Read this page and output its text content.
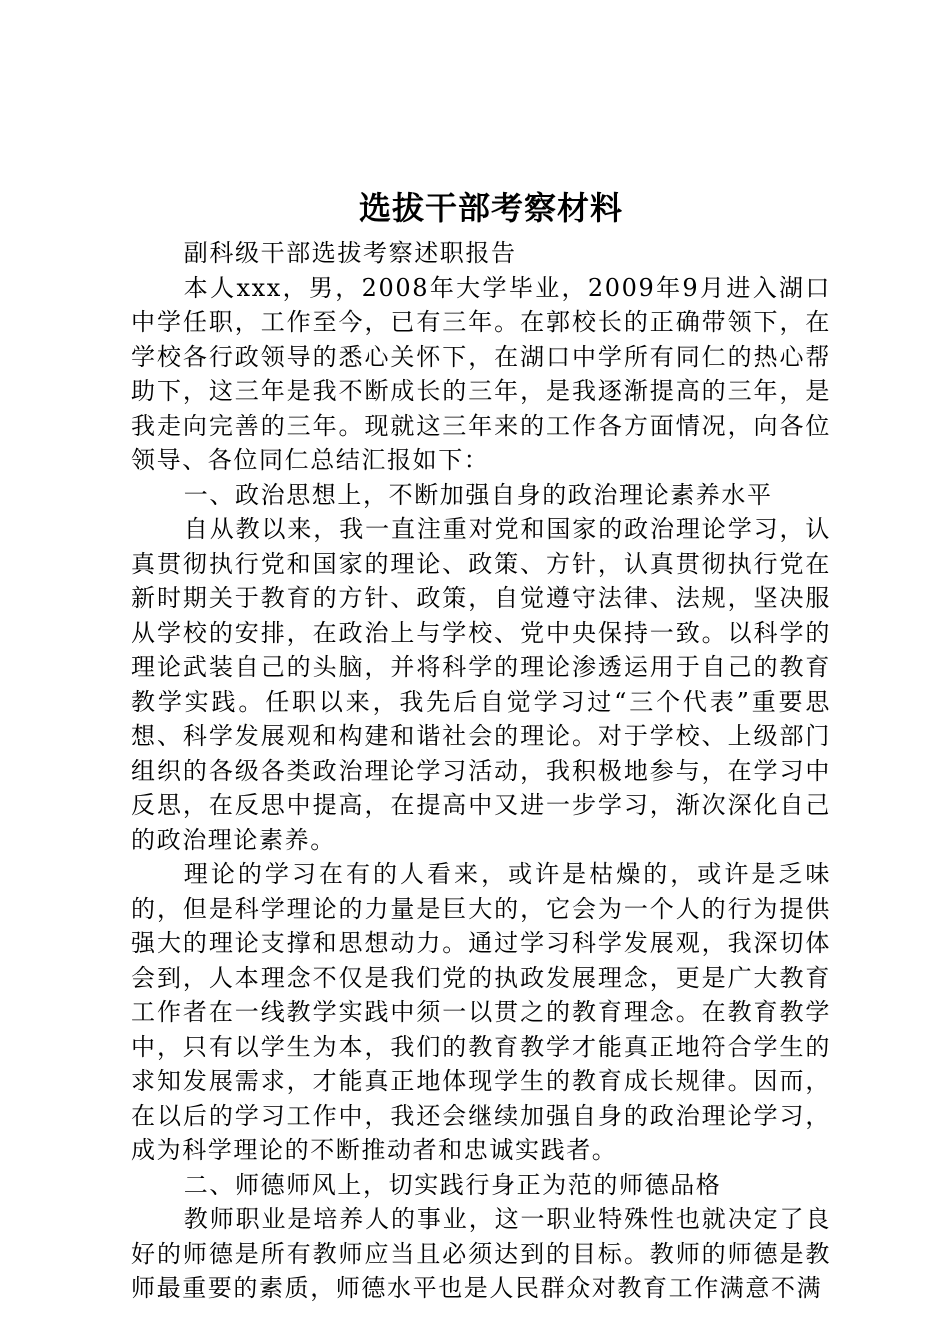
选拔干部考察材料

副科级干部选拔考察述职报告

本人xxx，男，2008年大学毕业，2009年9月进入湖口中学任职，工作至今，已有三年。在郭校长的正确带领下，在学校各行政领导的悉心关怀下，在湖口中学所有同仁的热心帮助下，这三年是我不断成长的三年，是我逐渐提高的三年，是我走向完善的三年。现就这三年来的工作各方面情况，向各位领导、各位同仁总结汇报如下：

一、政治思想上，不断加强自身的政治理论素养水平

自从教以来，我一直注重对党和国家的政治理论学习，认真贯彻执行党和国家的理论、政策、方针，认真贯彻执行党在新时期关于教育的方针、政策，自觉遵守法律、法规，坚决服从学校的安排，在政治上与学校、党中央保持一致。以科学的理论武装自己的头脑，并将科学的理论渗透运用于自己的教育教学实践。任职以来，我先后自觉学习过“三个代表”重要思想、科学发展观和构建和谐社会的理论。对于学校、上级部门组织的各级各类政治理论学习活动，我积极地参与，在学习中反思，在反思中提高，在提高中又进一步学习，渐次深化自己的政治理论素养。

理论的学习在有的人看来，或许是枯燥的，或许是乏味的，但是科学理论的力量是巨大的，它会为一个人的行为提供强大的理论支撑和思想动力。通过学习科学发展观，我深切体会到，人本理念不仅是我们党的执政发展理念，更是广大教育工作者在一线教学实践中须一以贯之的教育理念。在教育教学中，只有以学生为本，我们的教育教学才能真正地符合学生的求知发展需求，才能真正地体现学生的教育成长规律。因而，在以后的学习工作中，我还会继续加强自身的政治理论学习，成为科学理论的不断推动者和忠诚实践者。

二、师德师风上，切实践行身正为范的师德品格

教师职业是培养人的事业，这一职业特殊性也就决定了良好的师德是所有教师应当且必须达到的目标。教师的师德是教师最重要的素质，师德水平也是人民群众对教育工作满意不满
